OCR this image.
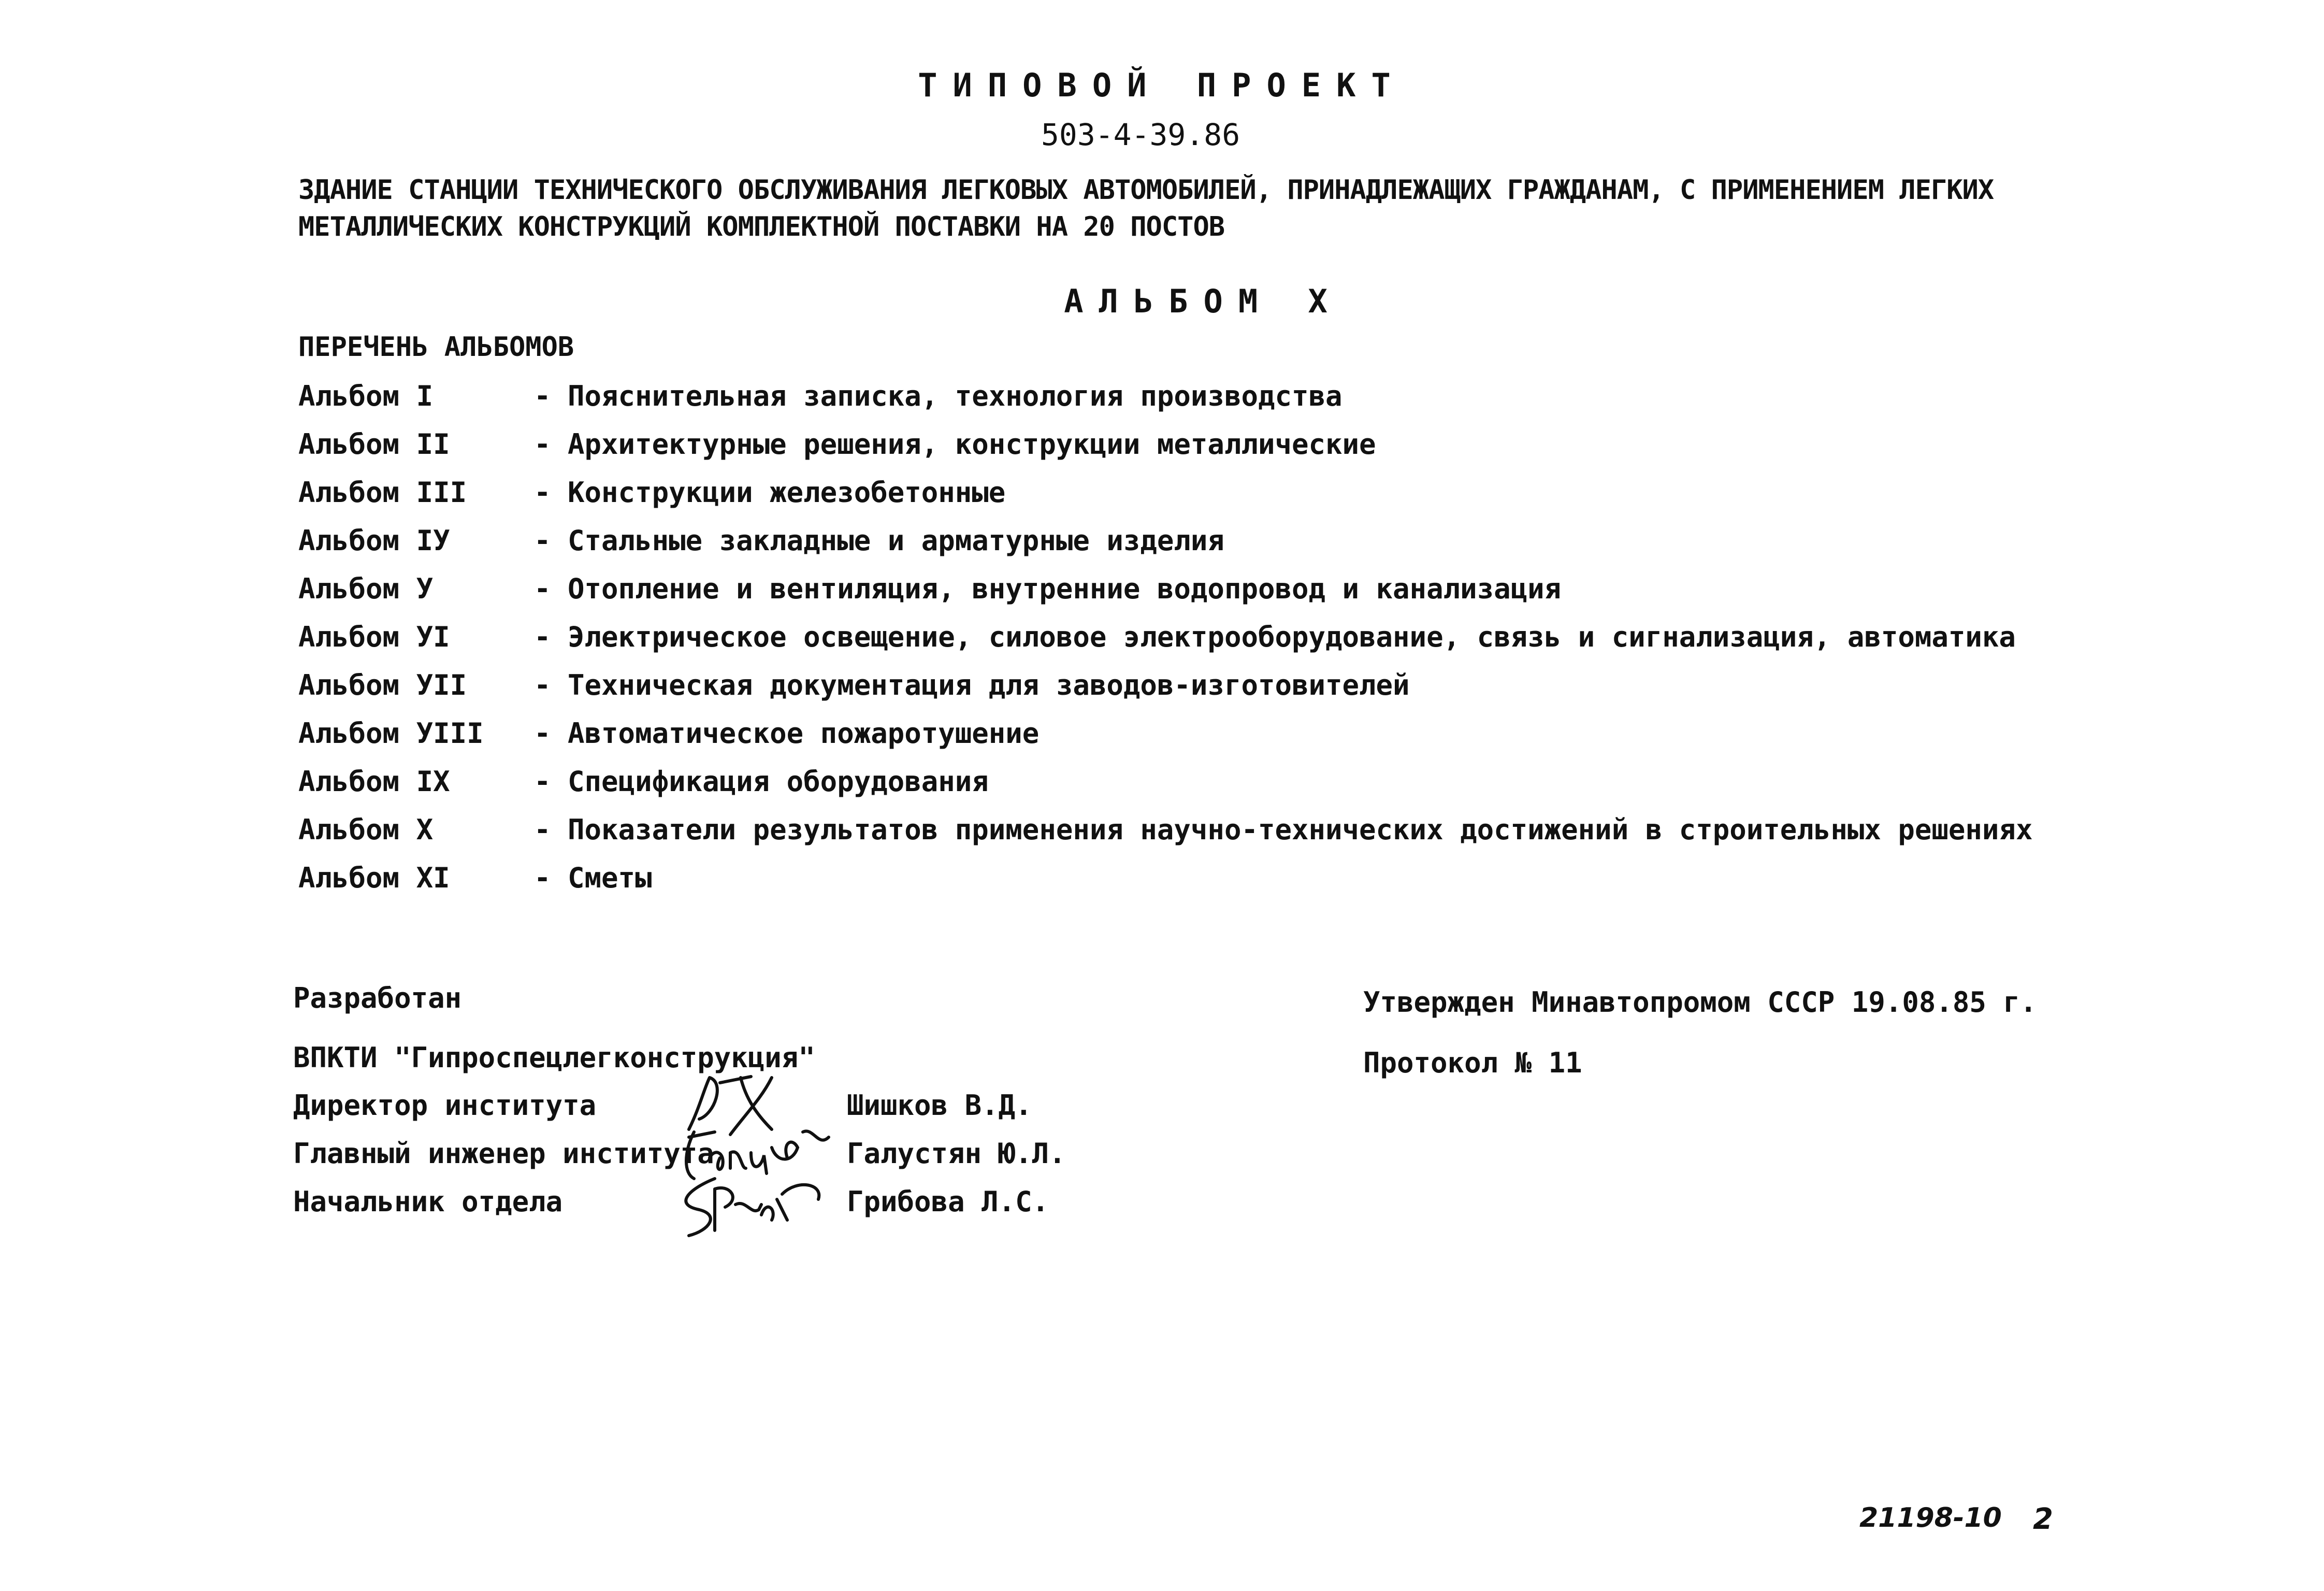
ТИПОВОЙ ПРОЕКТ
503-4-39.86
ЗДАНИЕ СТАНЦИИ ТЕХНИЧЕСКОГО ОБСЛУЖИВАНИЯ ЛЕГКОВЫХ АВТОМОБИЛЕЙ, ПРИНАДЛЕЖАЩИХ ГРАЖДАНАМ, С ПРИМЕНЕНИЕМ ЛЕГКИХ
МЕТАЛЛИЧЕСКИХ КОНСТРУКЦИЙ КОМПЛЕКТНОЙ ПОСТАВКИ НА 20 ПОСТОВ
АЛЬБОМ X
ПЕРЕЧЕНЬ АЛЬБОМОВ
Альбом I	- Пояснительная записка, технология производства
Альбом II	- Архитектурные решения, конструкции металлические
Альбом III - Конструкции железобетонные
Альбом IУ	- Стальные закладные и арматурные изделия
Альбом У	- Отопление и вентиляция, внутренние водопровод и канализация
Альбом УI	- Электрическое освещение, силовое электрооборудование, связь и сигнализация, автоматика
Альбом УII - Техническая документация для заводов-изготовителей
Альбом УIII - Автоматическое пожаротушение
Альбом IX	- Спецификация оборудования
Альбом X	- Показатели результатов применения научно-технических достижений в строительных решениях
Альбом XI	- Сметы
Разработан
ВПКТИ "Гипроспецлегконструкция"
Директор института	Шишков В.Д.
Главный инженер института	Галустян Ю.Л.
Начальник отдела	Грибова Л.С.
Утвержден Минавтопромом СССР 19.08.85 г.
Протокол № 11
21198-10 2
